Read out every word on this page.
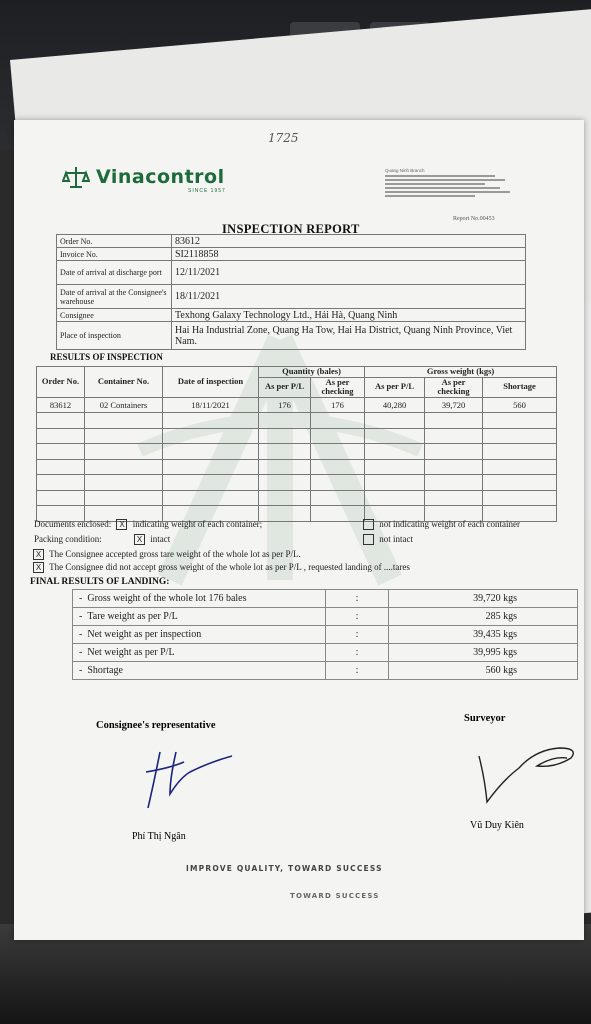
1725
Vinacontrol
SINCE 1957
Quang Ninh Branch
Report No.00453
INSPECTION REPORT
Order No.	83612
Invoice No.	SI2118858
Date of arrival at discharge port	12/11/2021
Date of arrival at the Consignee's warehouse	18/11/2021
Consignee	Texhong Galaxy Technology Ltd., Hải Hà, Quang Ninh
Place of inspection	Hai Ha Industrial Zone, Quang Ha Tow, Hai Ha District, Quang Ninh Province, Viet Nam.
RESULTS OF INSPECTION
Order No.	Container No.	Date of inspection	Quantity (bales)		Gross weight (kgs)		
			As per P/L	As per checking	As per P/L	As per checking	Shortage
83612	02 Containers	18/11/2021	176	176	40,280	39,720	560

Documents enclosed: X indicating weight of each container;	not indicating weight of each container
Packing condition:	X intact	not intact
X The Consignee accepted gross tare weight of the whole lot as per P/L.
X The Consignee did not accept gross weight of the whole lot as per P/L , requested landing of ....tares
FINAL RESULTS OF LANDING:
- Gross weight of the whole lot 176 bales	:	39,720 kgs
- Tare weight as per P/L	:	285 kgs
- Net weight as per inspection	:	39,435 kgs
- Net weight as per P/L	:	39,995 kgs
- Shortage	:	560 kgs
Consignee's representative
Surveyor
Phí Thị Ngân
Vũ Duy Kiên
IMPROVE QUALITY, TOWARD SUCCESS
TOWARD SUCCESS
